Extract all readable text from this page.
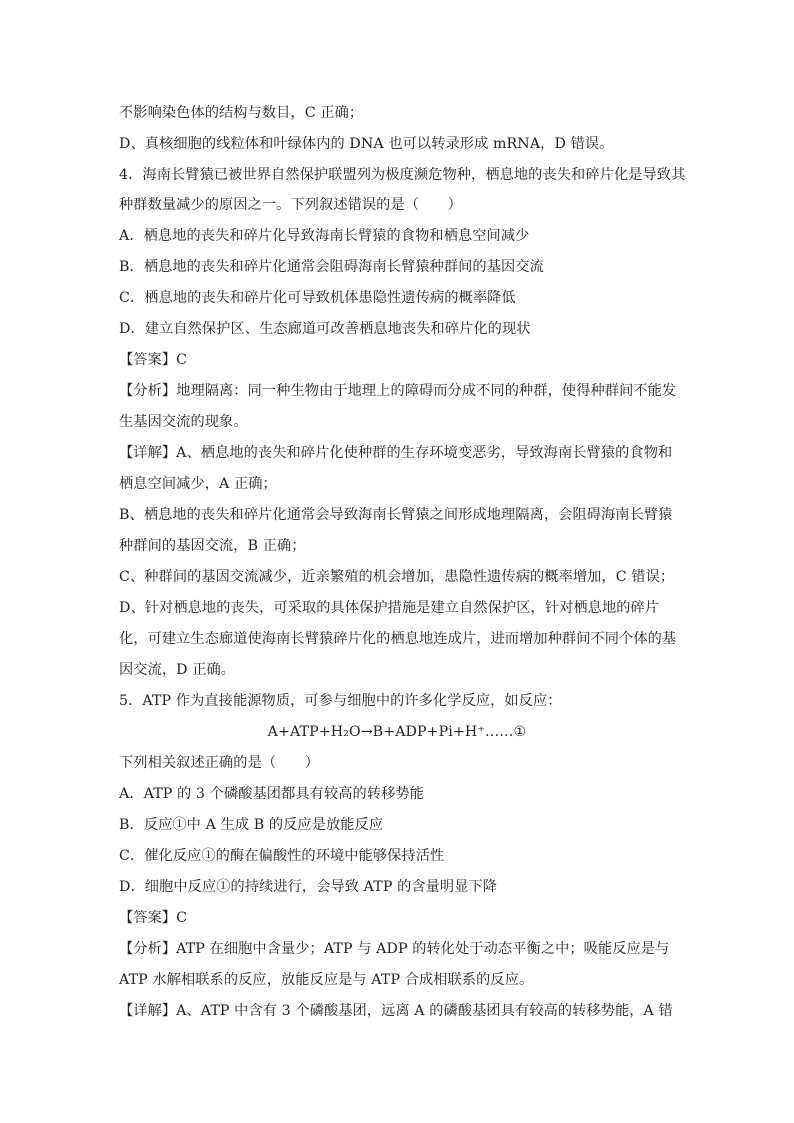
不影响染色体的结构与数目，C 正确；
D、真核细胞的线粒体和叶绿体内的 DNA 也可以转录形成 mRNA，D 错误。
4．海南长臂猿已被世界自然保护联盟列为极度濒危物种，栖息地的丧失和碎片化是导致其
种群数量减少的原因之一。下列叙述错误的是（　　）
A．栖息地的丧失和碎片化导致海南长臂猿的食物和栖息空间减少
B．栖息地的丧失和碎片化通常会阻碍海南长臂猿种群间的基因交流
C．栖息地的丧失和碎片化可导致机体患隐性遗传病的概率降低
D．建立自然保护区、生态廊道可改善栖息地丧失和碎片化的现状
【答案】C
【分析】地理隔离：同一种生物由于地理上的障碍而分成不同的种群，使得种群间不能发
生基因交流的现象。
【详解】A、栖息地的丧失和碎片化使种群的生存环境变恶劣，导致海南长臂猿的食物和
栖息空间减少，A 正确；
B、栖息地的丧失和碎片化通常会导致海南长臂猿之间形成地理隔离，会阻碍海南长臂猿
种群间的基因交流，B 正确；
C、种群间的基因交流减少，近亲繁殖的机会增加，患隐性遗传病的概率增加，C 错误；
D、针对栖息地的丧失，可采取的具体保护措施是建立自然保护区，针对栖息地的碎片
化，可建立生态廊道使海南长臂猿碎片化的栖息地连成片，进而增加种群间不同个体的基
因交流，D 正确。
5．ATP 作为直接能源物质，可参与细胞中的许多化学反应，如反应：
A+ATP+H₂O→B+ADP+Pi+H⁺……①
下列相关叙述正确的是（　　）
A．ATP 的 3 个磷酸基团都具有较高的转移势能
B．反应①中 A 生成 B 的反应是放能反应
C．催化反应①的酶在偏酸性的环境中能够保持活性
D．细胞中反应①的持续进行，会导致 ATP 的含量明显下降
【答案】C
【分析】ATP 在细胞中含量少；ATP 与 ADP 的转化处于动态平衡之中；吸能反应是与
ATP 水解相联系的反应，放能反应是与 ATP 合成相联系的反应。
【详解】A、ATP 中含有 3 个磷酸基团，远离 A 的磷酸基团具有较高的转移势能，A 错
